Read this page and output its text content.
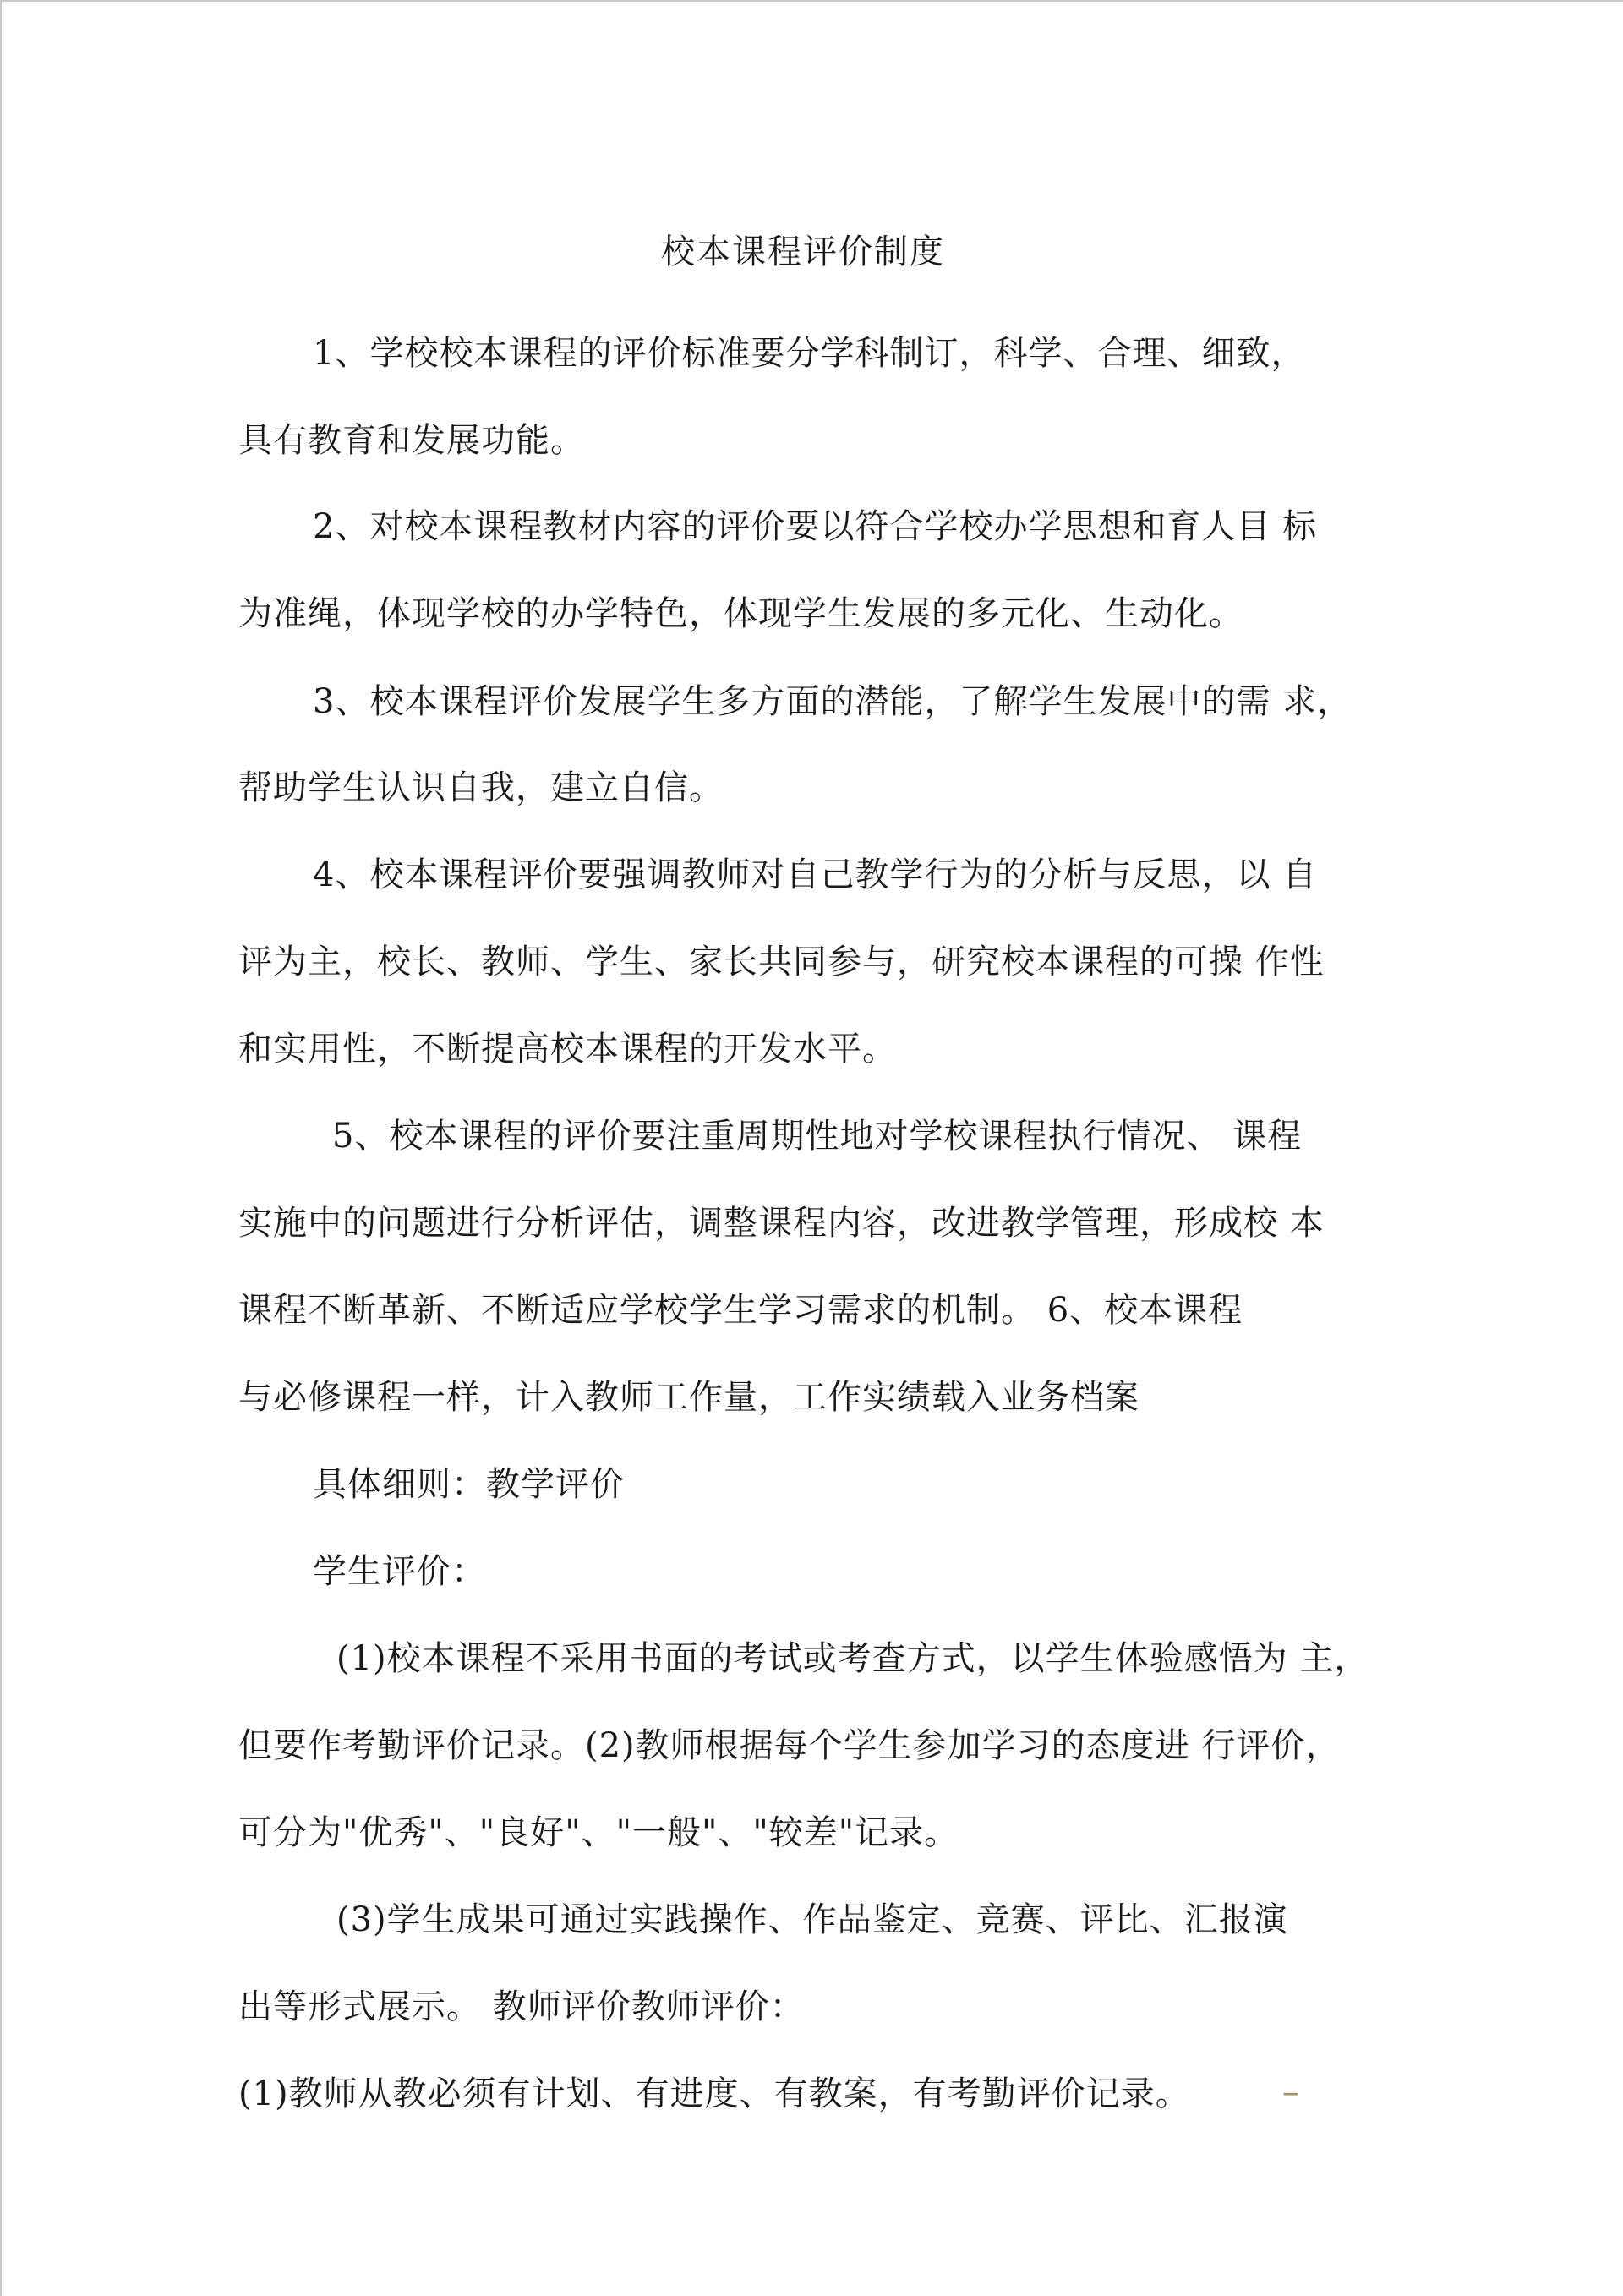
校本课程评价制度
1、学校校本课程的评价标准要分学科制订，科学、合理、细致，
具有教育和发展功能。
2、对校本课程教材内容的评价要以符合学校办学思想和育人目 标
为准绳，体现学校的办学特色，体现学生发展的多元化、生动化。
3、校本课程评价发展学生多方面的潜能，了解学生发展中的需 求，
帮助学生认识自我，建立自信。
4、校本课程评价要强调教师对自己教学行为的分析与反思，以 自
评为主，校长、教师、学生、家长共同参与，研究校本课程的可操 作性
和实用性，不断提高校本课程的开发水平。
5、校本课程的评价要注重周期性地对学校课程执行情况、 课程
实施中的问题进行分析评估，调整课程内容，改进教学管理，形成校 本
课程不断革新、不断适应学校学生学习需求的机制。 6、校本课程
与必修课程一样，计入教师工作量，工作实绩载入业务档案
具体细则：教学评价
学生评价：
(1)校本课程不采用书面的考试或考查方式，以学生体验感悟为 主，
但要作考勤评价记录。(2)教师根据每个学生参加学习的态度进 行评价，
可分为"优秀"、"良好"、"一般"、"较差"记录。
(3)学生成果可通过实践操作、作品鉴定、竞赛、评比、汇报演
出等形式展示。 教师评价教师评价：
(1)教师从教必须有计划、有进度、有教案，有考勤评价记录。	–
